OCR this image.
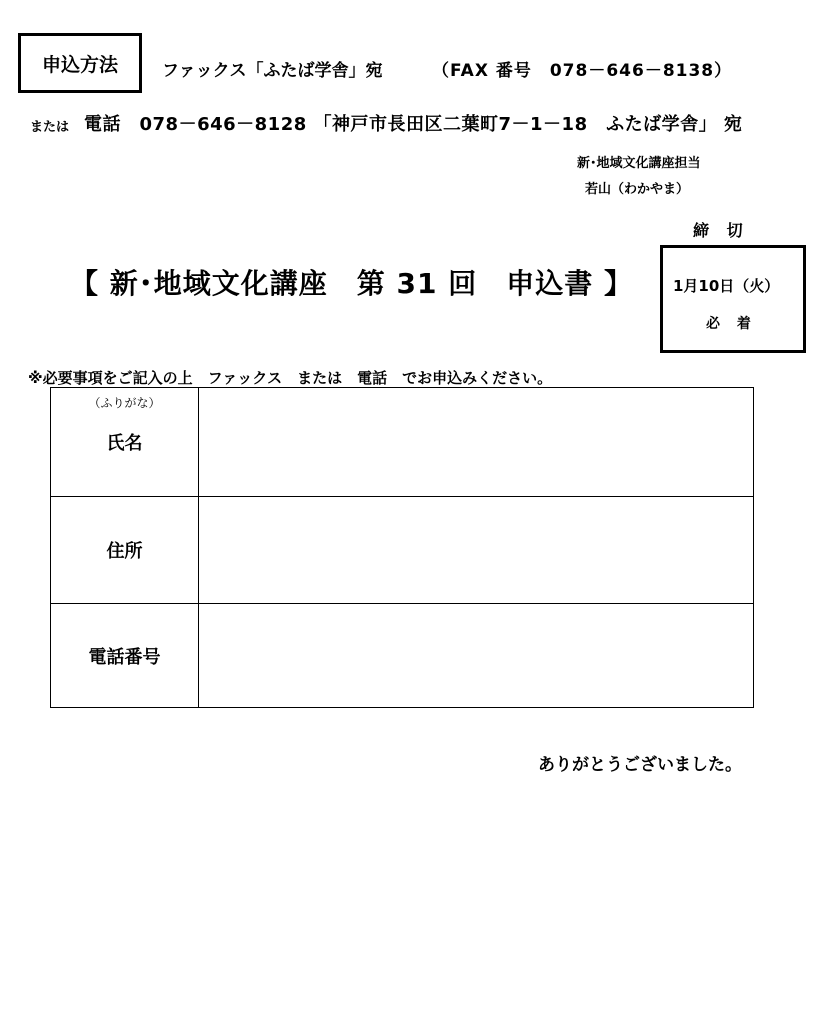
申込方法	ファックス「ふたば学舎」宛	（FAX 番号　078－646－8138）
または 電話　078－646－8128 「神戸市長田区二葉町7－1－18　ふたば学舎」 宛
新･地域文化講座担当
若山（わかやま）
締 切
1月10日（火）
必 着
【 新･地域文化講座　第 31 回　申込書 】
※必要事項をご記入の上　ファックス　または　電話　でお申込みください。
（ふりがな）
氏名	
住所	
電話番号	
ありがとうございました。
